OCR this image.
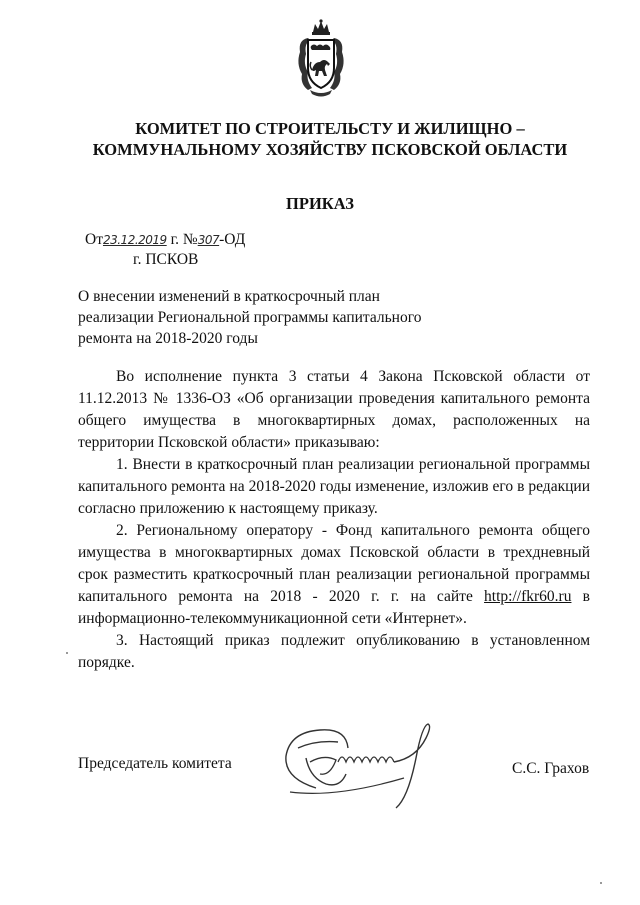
КОМИТЕТ ПО СТРОИТЕЛЬСТУ И ЖИЛИЩНО –
КОММУНАЛЬНОМУ ХОЗЯЙСТВУ ПСКОВСКОЙ ОБЛАСТИ
ПРИКАЗ
От23.12.2019 г. №307-ОД
г. ПСКОВ
О внесении изменений в краткосрочный план
реализации Региональной программы капитального
ремонта на 2018-2020 годы

Во исполнение пункта 3 статьи 4 Закона Псковской области от 11.12.2013 № 1336-ОЗ «Об организации проведения капитального ремонта общего имущества в многоквартирных домах, расположенных на территории Псковской области» приказываю:

1. Внести в краткосрочный план реализации региональной программы капитального ремонта на 2018-2020 годы изменение, изложив его в редакции согласно приложению к настоящему приказу.

2. Региональному оператору - Фонд капитального ремонта общего имущества в многоквартирных домах Псковской области в трехдневный срок разместить краткосрочный план реализации региональной программы капитального ремонта на 2018 - 2020 г. г. на сайте http://fkr60.ru в информационно-телекоммуникационной сети «Интернет».

3. Настоящий приказ подлежит опубликованию в установленном порядке.

Председатель комитета	С.С. Грахов
